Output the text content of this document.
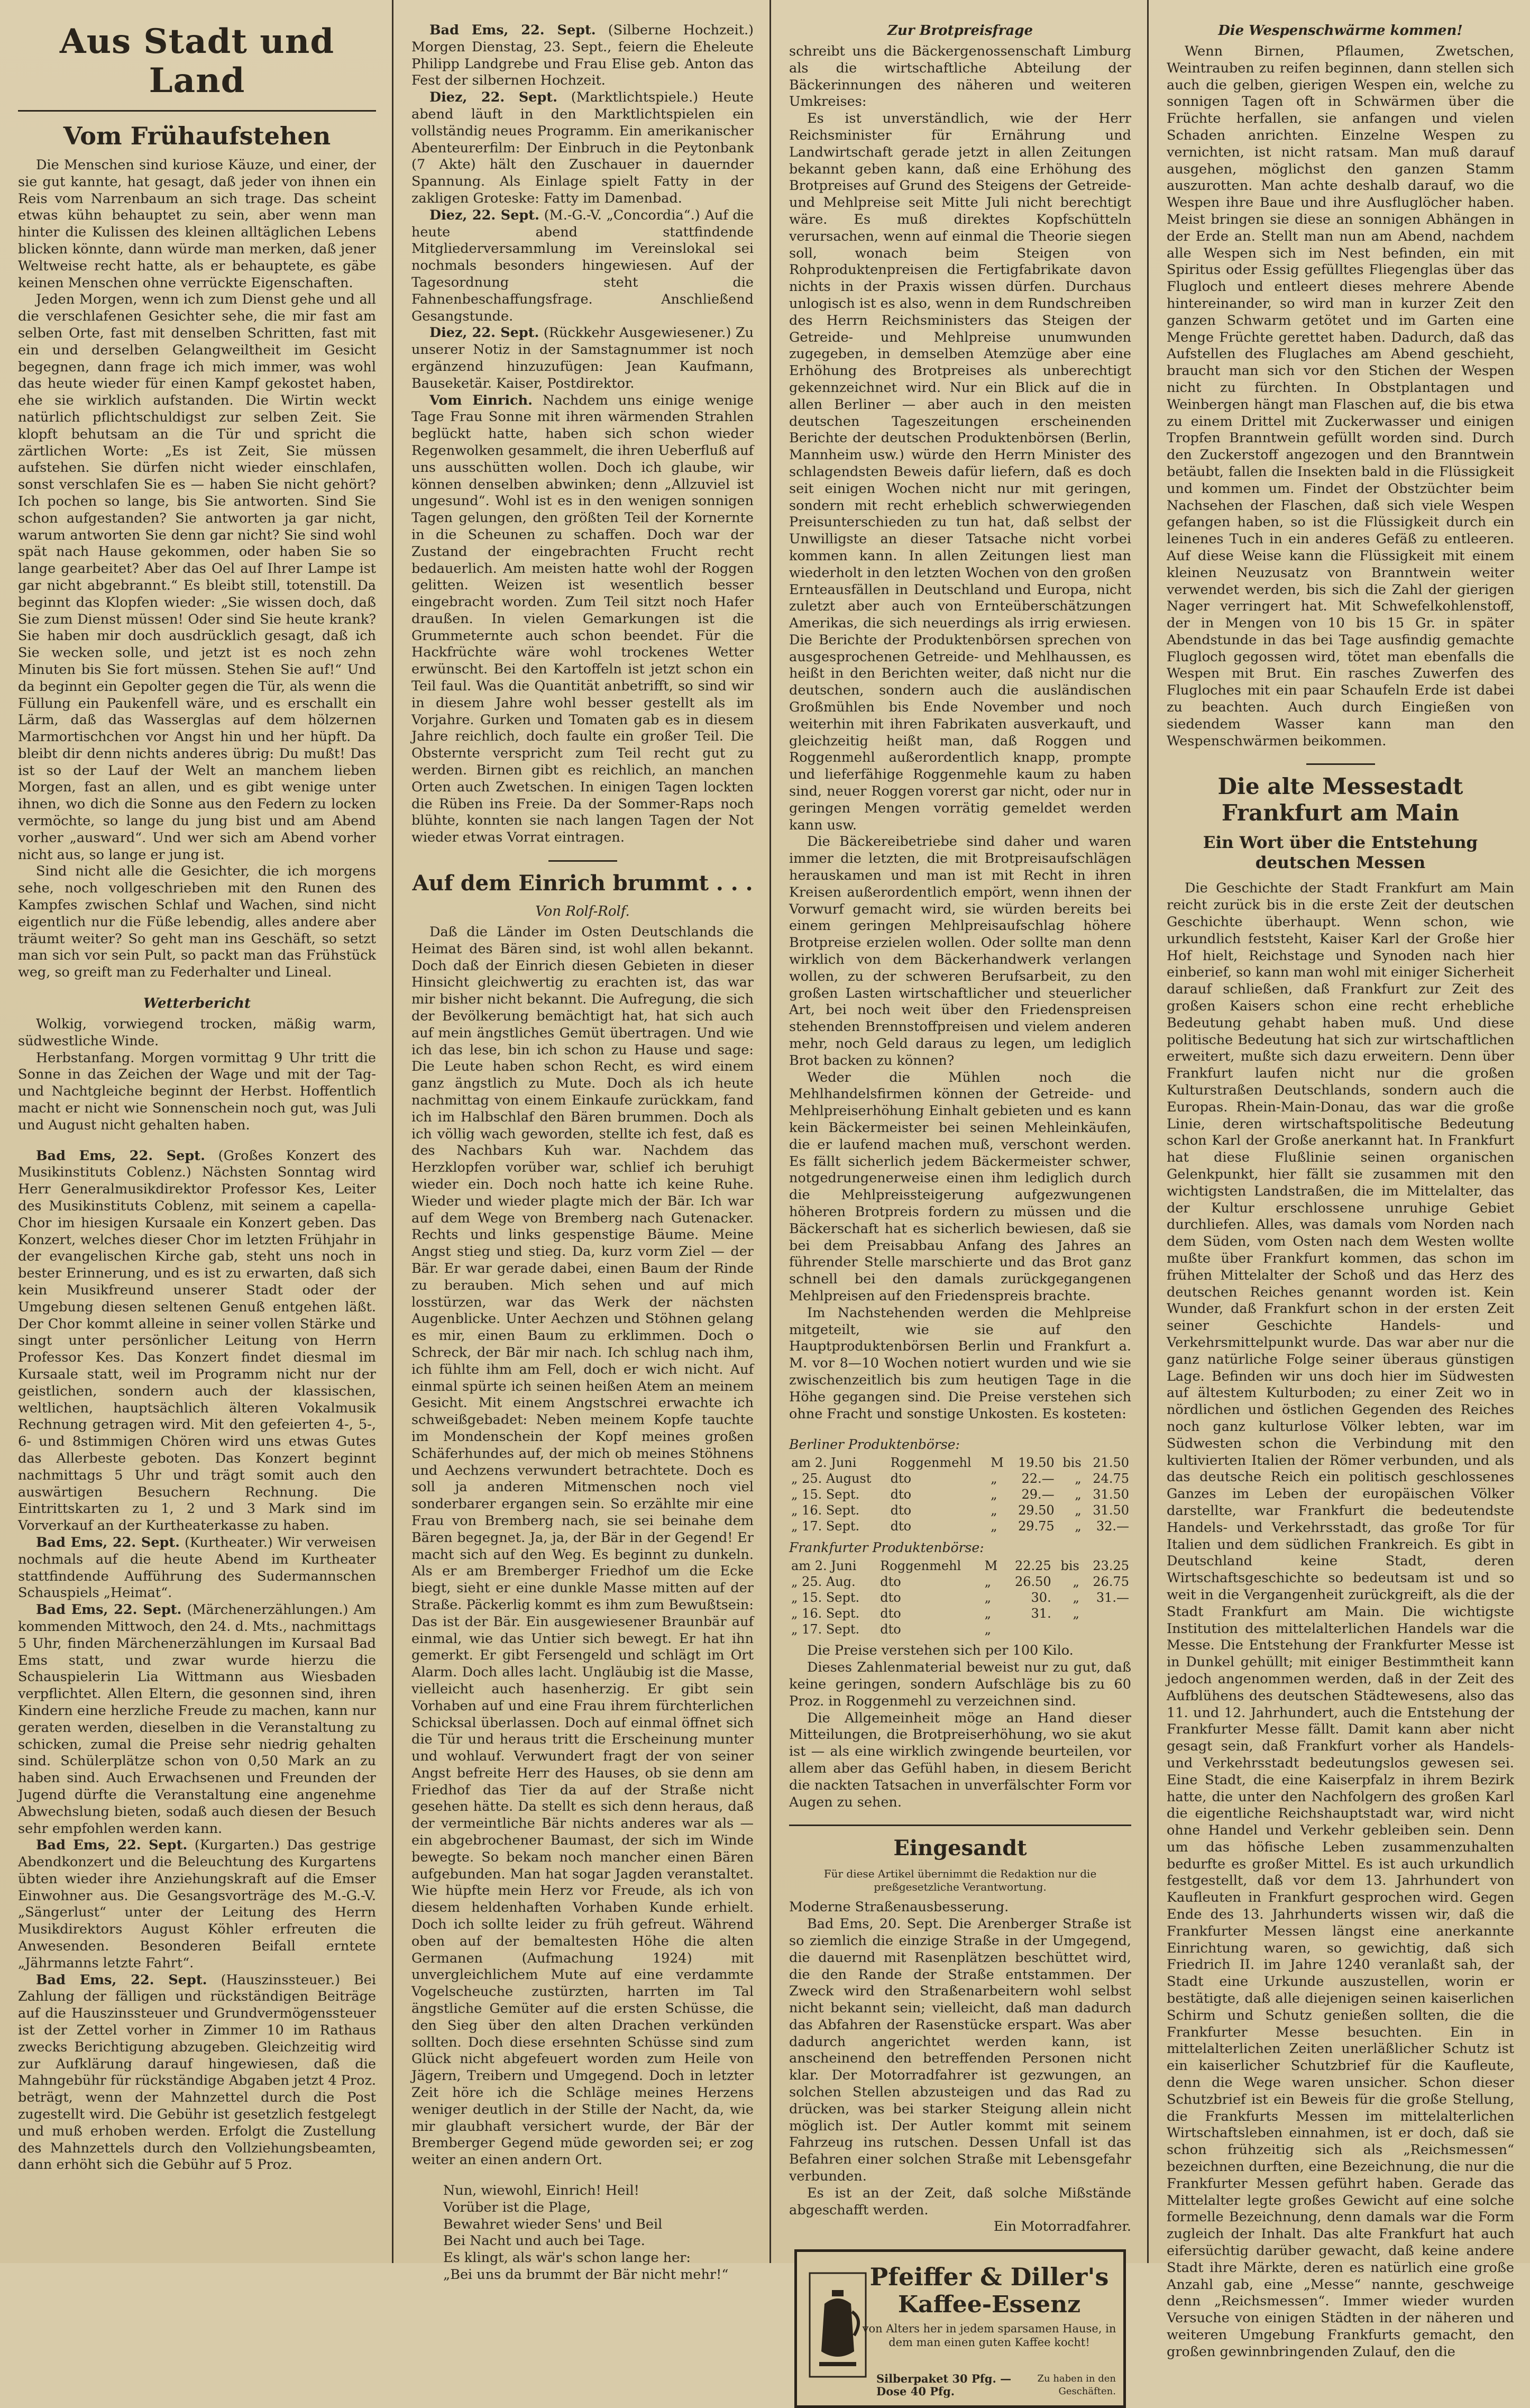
Aus Stadt und Land
Vom Frühaufstehen

Die Menschen sind kuriose Käuze, und einer, der sie gut kannte, hat gesagt, daß jeder von ihnen ein Reis vom Narrenbaum an sich trage. Das scheint etwas kühn behauptet zu sein, aber wenn man hinter die Kulissen des kleinen alltäglichen Lebens blicken könnte, dann würde man merken, daß jener Weltweise recht hatte, als er behauptete, es gäbe keinen Menschen ohne verrückte Eigenschaften.

Jeden Morgen, wenn ich zum Dienst gehe und all die verschlafenen Gesichter sehe, die mir fast am selben Orte, fast mit denselben Schritten, fast mit ein und derselben Gelangweiltheit im Gesicht begegnen, dann frage ich mich immer, was wohl das heute wieder für einen Kampf gekostet haben, ehe sie wirklich aufstanden. Die Wirtin weckt natürlich pflichtschuldigst zur selben Zeit. Sie klopft behutsam an die Tür und spricht die zärtlichen Worte: „Es ist Zeit, Sie müssen aufstehen. Sie dürfen nicht wieder einschlafen, sonst verschlafen Sie es — haben Sie nicht gehört? Ich pochen so lange, bis Sie antworten. Sind Sie schon aufgestanden? Sie antworten ja gar nicht, warum antworten Sie denn gar nicht? Sie sind wohl spät nach Hause gekommen, oder haben Sie so lange gearbeitet? Aber das Oel auf Ihrer Lampe ist gar nicht abgebrannt.“ Es bleibt still, totenstill. Da beginnt das Klopfen wieder: „Sie wissen doch, daß Sie zum Dienst müssen! Oder sind Sie heute krank? Sie haben mir doch ausdrücklich gesagt, daß ich Sie wecken solle, und jetzt ist es noch zehn Minuten bis Sie fort müssen. Stehen Sie auf!“ Und da beginnt ein Gepolter gegen die Tür, als wenn die Füllung ein Paukenfell wäre, und es erschallt ein Lärm, daß das Wasserglas auf dem hölzernen Marmortischchen vor Angst hin und her hüpft. Da bleibt dir denn nichts anderes übrig: Du mußt! Das ist so der Lauf der Welt an manchem lieben Morgen, fast an allen, und es gibt wenige unter ihnen, wo dich die Sonne aus den Federn zu locken vermöchte, so lange du jung bist und am Abend vorher „ausward“. Und wer sich am Abend vorher nicht aus, so lange er jung ist.

Sind nicht alle die Gesichter, die ich morgens sehe, noch vollgeschrieben mit den Runen des Kampfes zwischen Schlaf und Wachen, sind nicht eigentlich nur die Füße lebendig, alles andere aber träumt weiter? So geht man ins Geschäft, so setzt man sich vor sein Pult, so packt man das Frühstück weg, so greift man zu Federhalter und Lineal.

Wetterbericht

Wolkig, vorwiegend trocken, mäßig warm, südwestliche Winde.

Herbstanfang. Morgen vormittag 9 Uhr tritt die Sonne in das Zeichen der Wage und mit der Tag- und Nachtgleiche beginnt der Herbst. Hoffentlich macht er nicht wie Sonnenschein noch gut, was Juli und August nicht gehalten haben.

Bad Ems, 22. Sept. (Großes Konzert des Musikinstituts Coblenz.) Nächsten Sonntag wird Herr Generalmusikdirektor Professor Kes, Leiter des Musikinstituts Coblenz, mit seinem a capella-Chor im hiesigen Kursaale ein Konzert geben. Das Konzert, welches dieser Chor im letzten Frühjahr in der evangelischen Kirche gab, steht uns noch in bester Erinnerung, und es ist zu erwarten, daß sich kein Musikfreund unserer Stadt oder der Umgebung diesen seltenen Genuß entgehen läßt. Der Chor kommt alleine in seiner vollen Stärke und singt unter persönlicher Leitung von Herrn Professor Kes. Das Konzert findet diesmal im Kursaale statt, weil im Programm nicht nur der geistlichen, sondern auch der klassischen, weltlichen, hauptsächlich älteren Vokalmusik Rechnung getragen wird. Mit den gefeierten 4-, 5-, 6- und 8stimmigen Chören wird uns etwas Gutes das Allerbeste geboten. Das Konzert beginnt nachmittags 5 Uhr und trägt somit auch den auswärtigen Besuchern Rechnung. Die Eintrittskarten zu 1, 2 und 3 Mark sind im Vorverkauf an der Kurtheaterkasse zu haben.

Bad Ems, 22. Sept. (Kurtheater.) Wir verweisen nochmals auf die heute Abend im Kurtheater stattfindende Aufführung des Sudermannschen Schauspiels „Heimat“.

Bad Ems, 22. Sept. (Märchenerzählungen.) Am kommenden Mittwoch, den 24. d. Mts., nachmittags 5 Uhr, finden Märchenerzählungen im Kursaal Bad Ems statt, und zwar wurde hierzu die Schauspielerin Lia Wittmann aus Wiesbaden verpflichtet. Allen Eltern, die gesonnen sind, ihren Kindern eine herzliche Freude zu machen, kann nur geraten werden, dieselben in die Veranstaltung zu schicken, zumal die Preise sehr niedrig gehalten sind. Schülerplätze schon von 0,50 Mark an zu haben sind. Auch Erwachsenen und Freunden der Jugend dürfte die Veranstaltung eine angenehme Abwechslung bieten, sodaß auch diesen der Besuch sehr empfohlen werden kann.

Bad Ems, 22. Sept. (Kurgarten.) Das gestrige Abendkonzert und die Beleuchtung des Kurgartens übten wieder ihre Anziehungskraft auf die Emser Einwohner aus. Die Gesangsvorträge des M.-G.-V. „Sängerlust“ unter der Leitung des Herrn Musikdirektors August Köhler erfreuten die Anwesenden. Besonderen Beifall erntete „Jährmanns letzte Fahrt“.

Bad Ems, 22. Sept. (Hauszinssteuer.) Bei Zahlung der fälligen und rückständigen Beiträge auf die Hauszinssteuer und Grundvermögenssteuer ist der Zettel vorher in Zimmer 10 im Rathaus zwecks Berichtigung abzugeben. Gleichzeitig wird zur Aufklärung darauf hingewiesen, daß die Mahngebühr für rückständige Abgaben jetzt 4 Proz. beträgt, wenn der Mahnzettel durch die Post zugestellt wird. Die Gebühr ist gesetzlich festgelegt und muß erhoben werden. Erfolgt die Zustellung des Mahnzettels durch den Vollziehungsbeamten, dann erhöht sich die Gebühr auf 5 Proz.

Bad Ems, 22. Sept. (Silberne Hochzeit.) Morgen Dienstag, 23. Sept., feiern die Eheleute Philipp Landgrebe und Frau Elise geb. Anton das Fest der silbernen Hochzeit.

Diez, 22. Sept. (Marktlichtspiele.) Heute abend läuft in den Marktlichtspielen ein vollständig neues Programm. Ein amerikanischer Abenteurerfilm: Der Einbruch in die Peytonbank (7 Akte) hält den Zuschauer in dauernder Spannung. Als Einlage spielt Fatty in der zakligen Groteske: Fatty im Damenbad.

Diez, 22. Sept. (M.-G.-V. „Concordia“.) Auf die heute abend stattfindende Mitgliederversammlung im Vereinslokal sei nochmals besonders hingewiesen. Auf der Tagesordnung steht die Fahnenbeschaffungsfrage. Anschließend Gesangstunde.

Diez, 22. Sept. (Rückkehr Ausgewiesener.) Zu unserer Notiz in der Samstagnummer ist noch ergänzend hinzuzufügen: Jean Kaufmann, Bauseketär. Kaiser, Postdirektor.

Vom Einrich. Nachdem uns einige wenige Tage Frau Sonne mit ihren wärmenden Strahlen beglückt hatte, haben sich schon wieder Regenwolken gesammelt, die ihren Ueberfluß auf uns ausschütten wollen. Doch ich glaube, wir können denselben abwinken; denn „Allzuviel ist ungesund“. Wohl ist es in den wenigen sonnigen Tagen gelungen, den größten Teil der Kornernte in die Scheunen zu schaffen. Doch war der Zustand der eingebrachten Frucht recht bedauerlich. Am meisten hatte wohl der Roggen gelitten. Weizen ist wesentlich besser eingebracht worden. Zum Teil sitzt noch Hafer draußen. In vielen Gemarkungen ist die Grummeternte auch schon beendet. Für die Hackfrüchte wäre wohl trockenes Wetter erwünscht. Bei den Kartoffeln ist jetzt schon ein Teil faul. Was die Quantität anbetrifft, so sind wir in diesem Jahre wohl besser gestellt als im Vorjahre. Gurken und Tomaten gab es in diesem Jahre reichlich, doch faulte ein großer Teil. Die Obsternte verspricht zum Teil recht gut zu werden. Birnen gibt es reichlich, an manchen Orten auch Zwetschen. In einigen Tagen lockten die Rüben ins Freie. Da der Sommer-Raps noch blühte, konnten sie nach langen Tagen der Not wieder etwas Vorrat eintragen.

Auf dem Einrich brummt . . .
Von Rolf-Rolf.

Daß die Länder im Osten Deutschlands die Heimat des Bären sind, ist wohl allen bekannt. Doch daß der Einrich diesen Gebieten in dieser Hinsicht gleichwertig zu erachten ist, das war mir bisher nicht bekannt. Die Aufregung, die sich der Bevölkerung bemächtigt hat, hat sich auch auf mein ängstliches Gemüt übertragen. Und wie ich das lese, bin ich schon zu Hause und sage: Die Leute haben schon Recht, es wird einem ganz ängstlich zu Mute. Doch als ich heute nachmittag von einem Einkaufe zurückkam, fand ich im Halbschlaf den Bären brummen. Doch als ich völlig wach geworden, stellte ich fest, daß es des Nachbars Kuh war. Nachdem das Herzklopfen vorüber war, schlief ich beruhigt wieder ein. Doch noch hatte ich keine Ruhe. Wieder und wieder plagte mich der Bär. Ich war auf dem Wege von Bremberg nach Gutenacker. Rechts und links gespenstige Bäume. Meine Angst stieg und stieg. Da, kurz vorm Ziel — der Bär. Er war gerade dabei, einen Baum der Rinde zu berauben. Mich sehen und auf mich losstürzen, war das Werk der nächsten Augenblicke. Unter Aechzen und Stöhnen gelang es mir, einen Baum zu erklimmen. Doch o Schreck, der Bär mir nach. Ich schlug nach ihm, ich fühlte ihm am Fell, doch er wich nicht. Auf einmal spürte ich seinen heißen Atem an meinem Gesicht. Mit einem Angstschrei erwachte ich schweißgebadet: Neben meinem Kopfe tauchte im Mondenschein der Kopf meines großen Schäferhundes auf, der mich ob meines Stöhnens und Aechzens verwundert betrachtete. Doch es soll ja anderen Mitmenschen noch viel sonderbarer ergangen sein. So erzählte mir eine Frau von Bremberg nach, sie sei beinahe dem Bären begegnet. Ja, ja, der Bär in der Gegend! Er macht sich auf den Weg. Es beginnt zu dunkeln. Als er am Bremberger Friedhof um die Ecke biegt, sieht er eine dunkle Masse mitten auf der Straße. Päckerlig kommt es ihm zum Bewußtsein: Das ist der Bär. Ein ausgewiesener Braunbär auf einmal, wie das Untier sich bewegt. Er hat ihn gemerkt. Er gibt Fersengeld und schlägt im Ort Alarm. Doch alles lacht. Ungläubig ist die Masse, vielleicht auch hasenherzig. Er gibt sein Vorhaben auf und eine Frau ihrem fürchterlichen Schicksal überlassen. Doch auf einmal öffnet sich die Tür und heraus tritt die Erscheinung munter und wohlauf. Verwundert fragt der von seiner Angst befreite Herr des Hauses, ob sie denn am Friedhof das Tier da auf der Straße nicht gesehen hätte. Da stellt es sich denn heraus, daß der vermeintliche Bär nichts anderes war als — ein abgebrochener Baumast, der sich im Winde bewegte. So bekam noch mancher einen Bären aufgebunden. Man hat sogar Jagden veranstaltet. Wie hüpfte mein Herz vor Freude, als ich von diesem heldenhaften Vorhaben Kunde erhielt. Doch ich sollte leider zu früh gefreut. Während oben auf der bemaltesten Höhe die alten Germanen (Aufmachung 1924) mit unvergleichlichem Mute auf eine verdammte Vogelscheuche zustürzten, harrten im Tal ängstliche Gemüter auf die ersten Schüsse, die den Sieg über den alten Drachen verkünden sollten. Doch diese ersehnten Schüsse sind zum Glück nicht abgefeuert worden zum Heile von Jägern, Treibern und Umgegend. Doch in letzter Zeit höre ich die Schläge meines Herzens weniger deutlich in der Stille der Nacht, da, wie mir glaubhaft versichert wurde, der Bär der Bremberger Gegend müde geworden sei; er zog weiter an einen andern Ort.

Nun, wiewohl, Einrich! Heil!

Vorüber ist die Plage,

Bewahret wieder Sens' und Beil

Bei Nacht und auch bei Tage.

Es klingt, als wär's schon lange her:

„Bei uns da brummt der Bär nicht mehr!“

Zur Brotpreisfrage

schreibt uns die Bäckergenossenschaft Limburg als die wirtschaftliche Abteilung der Bäckerinnungen des näheren und weiteren Umkreises:

Es ist unverständlich, wie der Herr Reichsminister für Ernährung und Landwirtschaft gerade jetzt in allen Zeitungen bekannt geben kann, daß eine Erhöhung des Brotpreises auf Grund des Steigens der Getreide- und Mehlpreise seit Mitte Juli nicht berechtigt wäre. Es muß direktes Kopfschütteln verursachen, wenn auf einmal die Theorie siegen soll, wonach beim Steigen von Rohproduktenpreisen die Fertigfabrikate davon nichts in der Praxis wissen dürfen. Durchaus unlogisch ist es also, wenn in dem Rundschreiben des Herrn Reichsministers das Steigen der Getreide- und Mehlpreise unumwunden zugegeben, in demselben Atemzüge aber eine Erhöhung des Brotpreises als unberechtigt gekennzeichnet wird. Nur ein Blick auf die in allen Berliner — aber auch in den meisten deutschen Tageszeitungen erscheinenden Berichte der deutschen Produktenbörsen (Berlin, Mannheim usw.) würde den Herrn Minister des schlagendsten Beweis dafür liefern, daß es doch seit einigen Wochen nicht nur mit geringen, sondern mit recht erheblich schwerwiegenden Preisunterschieden zu tun hat, daß selbst der Unwilligste an dieser Tatsache nicht vorbei kommen kann. In allen Zeitungen liest man wiederholt in den letzten Wochen von den großen Ernteausfällen in Deutschland und Europa, nicht zuletzt aber auch von Ernteüberschätzungen Amerikas, die sich neuerdings als irrig erwiesen. Die Berichte der Produktenbörsen sprechen von ausgesprochenen Getreide- und Mehlhaussen, es heißt in den Berichten weiter, daß nicht nur die deutschen, sondern auch die ausländischen Großmühlen bis Ende November und noch weiterhin mit ihren Fabrikaten ausverkauft, und gleichzeitig heißt man, daß Roggen und Roggenmehl außerordentlich knapp, prompte und lieferfähige Roggenmehle kaum zu haben sind, neuer Roggen vorerst gar nicht, oder nur in geringen Mengen vorrätig gemeldet werden kann usw.

Die Bäckereibetriebe sind daher und waren immer die letzten, die mit Brotpreisaufschlägen herauskamen und man ist mit Recht in ihren Kreisen außerordentlich empört, wenn ihnen der Vorwurf gemacht wird, sie würden bereits bei einem geringen Mehlpreisaufschlag höhere Brotpreise erzielen wollen. Oder sollte man denn wirklich von dem Bäckerhandwerk verlangen wollen, zu der schweren Berufsarbeit, zu den großen Lasten wirtschaftlicher und steuerlicher Art, bei noch weit über den Friedenspreisen stehenden Brennstoffpreisen und vielem anderen mehr, noch Geld daraus zu legen, um lediglich Brot backen zu können?

Weder die Mühlen noch die Mehlhandelsfirmen können der Getreide- und Mehlpreiserhöhung Einhalt gebieten und es kann kein Bäckermeister bei seinen Mehleinkäufen, die er laufend machen muß, verschont werden. Es fällt sicherlich jedem Bäckermeister schwer, notgedrungenerweise einen ihm lediglich durch die Mehlpreissteigerung aufgezwungenen höheren Brotpreis fordern zu müssen und die Bäckerschaft hat es sicherlich bewiesen, daß sie bei dem Preisabbau Anfang des Jahres an führender Stelle marschierte und das Brot ganz schnell bei den damals zurückgegangenen Mehlpreisen auf den Friedenspreis brachte.

Im Nachstehenden werden die Mehlpreise mitgeteilt, wie sie auf den Hauptproduktenbörsen Berlin und Frankfurt a. M. vor 8—10 Wochen notiert wurden und wie sie zwischenzeitlich bis zum heutigen Tage in die Höhe gegangen sind. Die Preise verstehen sich ohne Fracht und sonstige Unkosten. Es kosteten:

Berliner Produktenbörse:
am 2. Juni	Roggenmehl	M	19.50	bis	21.50
„ 25. August	dto	„	22.—	„	24.75
„ 15. Sept.	dto	„	29.—	„	31.50
„ 16. Sept.	dto	„	29.50	„	31.50
„ 17. Sept.	dto	„	29.75	„	32.—
Frankfurter Produktenbörse:
am 2. Juni	Roggenmehl	M	22.25	bis	23.25
„ 25. Aug.	dto	„	26.50	„	26.75
„ 15. Sept.	dto	„	30.	„	31.—
„ 16. Sept.	dto	„	31.	„	
„ 17. Sept.	dto	„			

Die Preise verstehen sich per 100 Kilo.

Dieses Zahlenmaterial beweist nur zu gut, daß keine geringen, sondern Aufschläge bis zu 60 Proz. in Roggenmehl zu verzeichnen sind.

Die Allgemeinheit möge an Hand dieser Mitteilungen, die Brotpreiserhöhung, wo sie akut ist — als eine wirklich zwingende beurteilen, vor allem aber das Gefühl haben, in diesem Bericht die nackten Tatsachen in unverfälschter Form vor Augen zu sehen.

Eingesandt

Für diese Artikel übernimmt die Redaktion nur die preßgesetzliche Verantwortung.

Moderne Straßenausbesserung.

Bad Ems, 20. Sept. Die Arenberger Straße ist so ziemlich die einzige Straße in der Umgegend, die dauernd mit Rasenplätzen beschüttet wird, die den Rande der Straße entstammen. Der Zweck wird den Straßenarbeitern wohl selbst nicht bekannt sein; vielleicht, daß man dadurch das Abfahren der Rasenstücke erspart. Was aber dadurch angerichtet werden kann, ist anscheinend den betreffenden Personen nicht klar. Der Motorradfahrer ist gezwungen, an solchen Stellen abzusteigen und das Rad zu drücken, was bei starker Steigung allein nicht möglich ist. Der Autler kommt mit seinem Fahrzeug ins rutschen. Dessen Unfall ist das Befahren einer solchen Straße mit Lebensgefahr verbunden.

Es ist an der Zeit, daß solche Mißstände abgeschafft werden.

Ein Motorradfahrer.

Pfeiffer & Diller's
Kaffee-Essenz
von Alters her in jedem sparsamen Hause, in dem man einen guten Kaffee kocht!
Silberpaket 30 Pfg. — Dose 40 Pfg.
Zu haben in den Geschäften.
Die Wespenschwärme kommen!

Wenn Birnen, Pflaumen, Zwetschen, Weintrauben zu reifen beginnen, dann stellen sich auch die gelben, gierigen Wespen ein, welche zu sonnigen Tagen oft in Schwärmen über die Früchte herfallen, sie anfangen und vielen Schaden anrichten. Einzelne Wespen zu vernichten, ist nicht ratsam. Man muß darauf ausgehen, möglichst den ganzen Stamm auszurotten. Man achte deshalb darauf, wo die Wespen ihre Baue und ihre Ausfluglöcher haben. Meist bringen sie diese an sonnigen Abhängen in der Erde an. Stellt man nun am Abend, nachdem alle Wespen sich im Nest befinden, ein mit Spiritus oder Essig gefülltes Fliegenglas über das Flugloch und entleert dieses mehrere Abende hintereinander, so wird man in kurzer Zeit den ganzen Schwarm getötet und im Garten eine Menge Früchte gerettet haben. Dadurch, daß das Aufstellen des Fluglaches am Abend geschieht, braucht man sich vor den Stichen der Wespen nicht zu fürchten. In Obstplantagen und Weinbergen hängt man Flaschen auf, die bis etwa zu einem Drittel mit Zuckerwasser und einigen Tropfen Branntwein gefüllt worden sind. Durch den Zuckerstoff angezogen und den Branntwein betäubt, fallen die Insekten bald in die Flüssigkeit und kommen um. Findet der Obstzüchter beim Nachsehen der Flaschen, daß sich viele Wespen gefangen haben, so ist die Flüssigkeit durch ein leinenes Tuch in ein anderes Gefäß zu entleeren. Auf diese Weise kann die Flüssigkeit mit einem kleinen Neuzusatz von Branntwein weiter verwendet werden, bis sich die Zahl der gierigen Nager verringert hat. Mit Schwefelkohlenstoff, der in Mengen von 10 bis 15 Gr. in später Abendstunde in das bei Tage ausfindig gemachte Flugloch gegossen wird, tötet man ebenfalls die Wespen mit Brut. Ein rasches Zuwerfen des Flugloches mit ein paar Schaufeln Erde ist dabei zu beachten. Auch durch Eingießen von siedendem Wasser kann man den Wespenschwärmen beikommen.

Die alte Messestadt Frankfurt am Main
Ein Wort über die Entstehung deutschen Messen

Die Geschichte der Stadt Frankfurt am Main reicht zurück bis in die erste Zeit der deutschen Geschichte überhaupt. Wenn schon, wie urkundlich feststeht, Kaiser Karl der Große hier Hof hielt, Reichstage und Synoden nach hier einberief, so kann man wohl mit einiger Sicherheit darauf schließen, daß Frankfurt zur Zeit des großen Kaisers schon eine recht erhebliche Bedeutung gehabt haben muß. Und diese politische Bedeutung hat sich zur wirtschaftlichen erweitert, mußte sich dazu erweitern. Denn über Frankfurt laufen nicht nur die großen Kulturstraßen Deutschlands, sondern auch die Europas. Rhein-Main-Donau, das war die große Linie, deren wirtschaftspolitische Bedeutung schon Karl der Große anerkannt hat. In Frankfurt hat diese Flußlinie seinen organischen Gelenkpunkt, hier fällt sie zusammen mit den wichtigsten Landstraßen, die im Mittelalter, das der Kultur erschlossene unruhige Gebiet durchliefen. Alles, was damals vom Norden nach dem Süden, vom Osten nach dem Westen wollte mußte über Frankfurt kommen, das schon im frühen Mittelalter der Schoß und das Herz des deutschen Reiches genannt worden ist. Kein Wunder, daß Frankfurt schon in der ersten Zeit seiner Geschichte Handels- und Verkehrsmittelpunkt wurde. Das war aber nur die ganz natürliche Folge seiner überaus günstigen Lage. Befinden wir uns doch hier im Südwesten auf ältestem Kulturboden; zu einer Zeit wo in nördlichen und östlichen Gegenden des Reiches noch ganz kulturlose Völker lebten, war im Südwesten schon die Verbindung mit den kultivierten Italien der Römer verbunden, und als das deutsche Reich ein politisch geschlossenes Ganzes im Leben der europäischen Völker darstellte, war Frankfurt die bedeutendste Handels- und Verkehrsstadt, das große Tor für Italien und dem südlichen Frankreich. Es gibt in Deutschland keine Stadt, deren Wirtschaftsgeschichte so bedeutsam ist und so weit in die Vergangenheit zurückgreift, als die der Stadt Frankfurt am Main. Die wichtigste Institution des mittelalterlichen Handels war die Messe. Die Entstehung der Frankfurter Messe ist in Dunkel gehüllt; mit einiger Bestimmtheit kann jedoch angenommen werden, daß in der Zeit des Aufblühens des deutschen Städtewesens, also das 11. und 12. Jahrhundert, auch die Entstehung der Frankfurter Messe fällt. Damit kann aber nicht gesagt sein, daß Frankfurt vorher als Handels- und Verkehrsstadt bedeutungslos gewesen sei. Eine Stadt, die eine Kaiserpfalz in ihrem Bezirk hatte, die unter den Nachfolgern des großen Karl die eigentliche Reichshauptstadt war, wird nicht ohne Handel und Verkehr gebleiben sein. Denn um das höfische Leben zusammenzuhalten bedurfte es großer Mittel. Es ist auch urkundlich festgestellt, daß vor dem 13. Jahrhundert von Kaufleuten in Frankfurt gesprochen wird. Gegen Ende des 13. Jahrhunderts wissen wir, daß die Frankfurter Messen längst eine anerkannte Einrichtung waren, so gewichtig, daß sich Friedrich II. im Jahre 1240 veranlaßt sah, der Stadt eine Urkunde auszustellen, worin er bestätigte, daß alle diejenigen seinen kaiserlichen Schirm und Schutz genießen sollten, die die Frankfurter Messe besuchten. Ein in mittelalterlichen Zeiten unerläßlicher Schutz ist ein kaiserlicher Schutzbrief für die Kaufleute, denn die Wege waren unsicher. Schon dieser Schutzbrief ist ein Beweis für die große Stellung, die Frankfurts Messen im mittelalterlichen Wirtschaftsleben einnahmen, ist er doch, daß sie schon frühzeitig sich als „Reichsmessen“ bezeichnen durften, eine Bezeichnung, die nur die Frankfurter Messen geführt haben. Gerade das Mittelalter legte großes Gewicht auf eine solche formelle Bezeichnung, denn damals war die Form zugleich der Inhalt. Das alte Frankfurt hat auch eifersüchtig darüber gewacht, daß keine andere Stadt ihre Märkte, deren es natürlich eine große Anzahl gab, eine „Messe“ nannte, geschweige denn „Reichsmessen“. Immer wieder wurden Versuche von einigen Städten in der näheren und weiteren Umgebung Frankfurts gemacht, den großen gewinnbringenden Zulauf, den die
